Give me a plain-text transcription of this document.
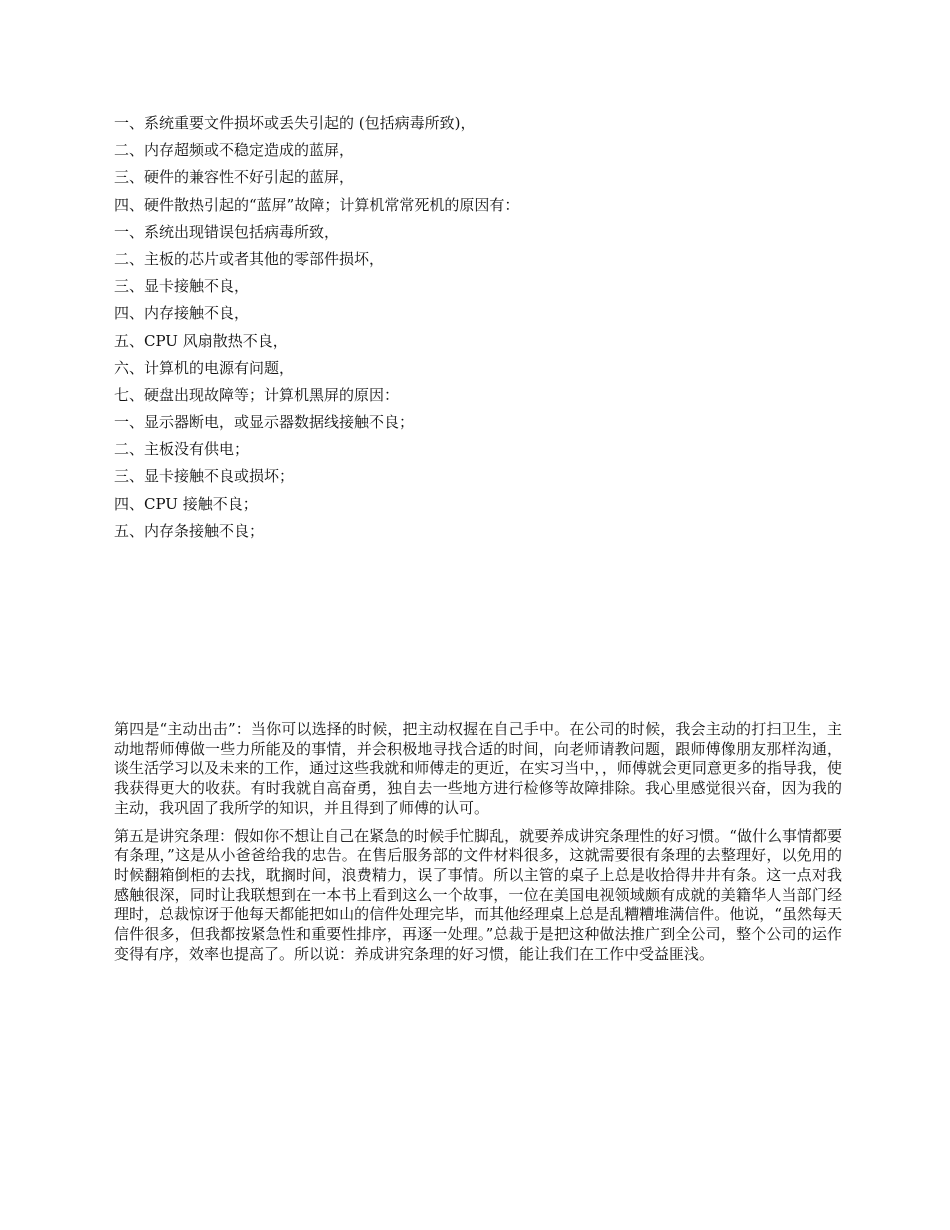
一、系统重要文件损坏或丢失引起的 (包括病毒所致)，
二、内存超频或不稳定造成的蓝屏，
三、硬件的兼容性不好引起的蓝屏，
四、硬件散热引起的“蓝屏”故障；计算机常常死机的原因有：
一、系统出现错误包括病毒所致，
二、主板的芯片或者其他的零部件损坏，
三、显卡接触不良，
四、内存接触不良，
五、CPU 风扇散热不良，
六、计算机的电源有问题，
七、硬盘出现故障等；计算机黑屏的原因：
一、显示器断电，或显示器数据线接触不良；
二、主板没有供电；
三、显卡接触不良或损坏；
四、CPU 接触不良；
五、内存条接触不良；

第四是“主动出击”：当你可以选择的时候，把主动权握在自己手中。在公司的时候，我会主动的打扫卫生，主动地帮师傅做一些力所能及的事情，并会积极地寻找合适的时间，向老师请教问题，跟师傅像朋友那样沟通，谈生活学习以及未来的工作，通过这些我就和师傅走的更近，在实习当中，，师傅就会更同意更多的指导我，使我获得更大的收获。有时我就自高奋勇，独自去一些地方进行检修等故障排除。我心里感觉很兴奋，因为我的主动，我巩固了我所学的知识，并且得到了师傅的认可。

第五是讲究条理：假如你不想让自己在紧急的时候手忙脚乱，就要养成讲究条理性的好习惯。“做什么事情都要有条理，”这是从小爸爸给我的忠告。在售后服务部的文件材料很多，这就需要很有条理的去整理好，以免用的时候翻箱倒柜的去找，耽搁时间，浪费精力，误了事情。所以主管的桌子上总是收拾得井井有条。这一点对我感触很深，同时让我联想到在一本书上看到这么一个故事，一位在美国电视领域颇有成就的美籍华人当部门经理时，总裁惊讶于他每天都能把如山的信件处理完毕，而其他经理桌上总是乱糟糟堆满信件。他说，“虽然每天信件很多，但我都按紧急性和重要性排序，再逐一处理。”总裁于是把这种做法推广到全公司，整个公司的运作变得有序，效率也提高了。所以说：养成讲究条理的好习惯，能让我们在工作中受益匪浅。
